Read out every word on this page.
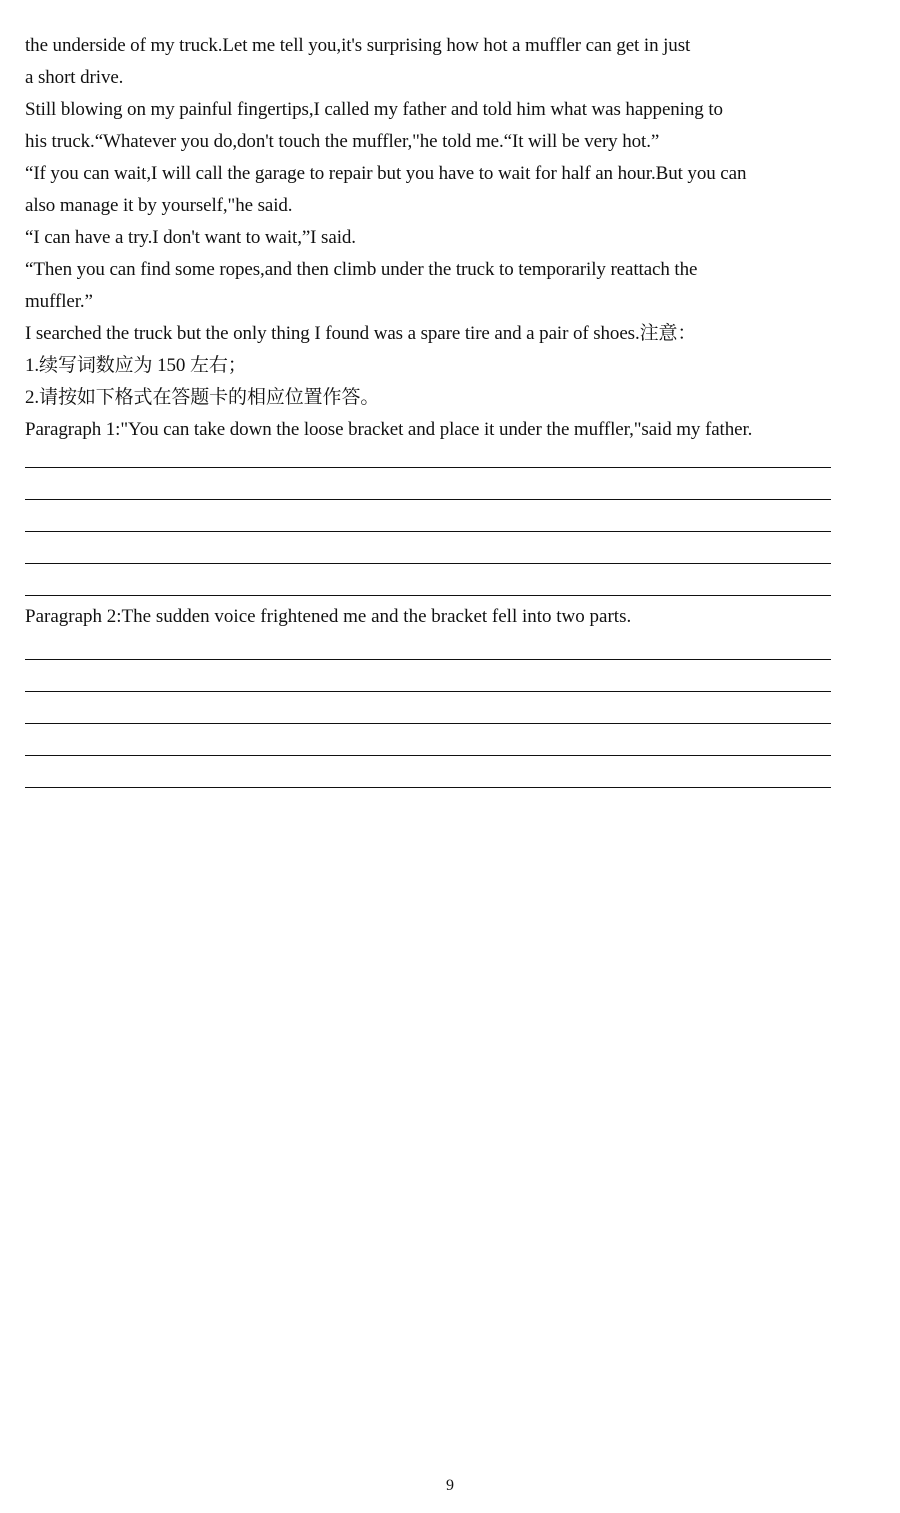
the underside of my truck.Let me tell you,it's surprising how hot a muffler can get in just
a short drive.
Still blowing on my painful fingertips,I called my father and told him what was happening to
his truck.“Whatever you do,don't touch the muffler,"he told me.“It will be very hot.”
“If you can wait,I will call the garage to repair but you have to wait for half an hour.But you can
also manage it by yourself,"he said.
“I can have a try.I don't want to wait,”I said.
“Then you can find some ropes,and then climb under the truck to temporarily reattach the
muffler.”
I searched the truck but the only thing I found was a spare tire and a pair of shoes.注意：
1.续写词数应为 150 左右；
2.请按如下格式在答题卡的相应位置作答。
Paragraph 1:"You can take down the loose bracket and place it under the muffler,"said my father.
Paragraph 2:The sudden voice frightened me and the bracket fell into two parts.
9
